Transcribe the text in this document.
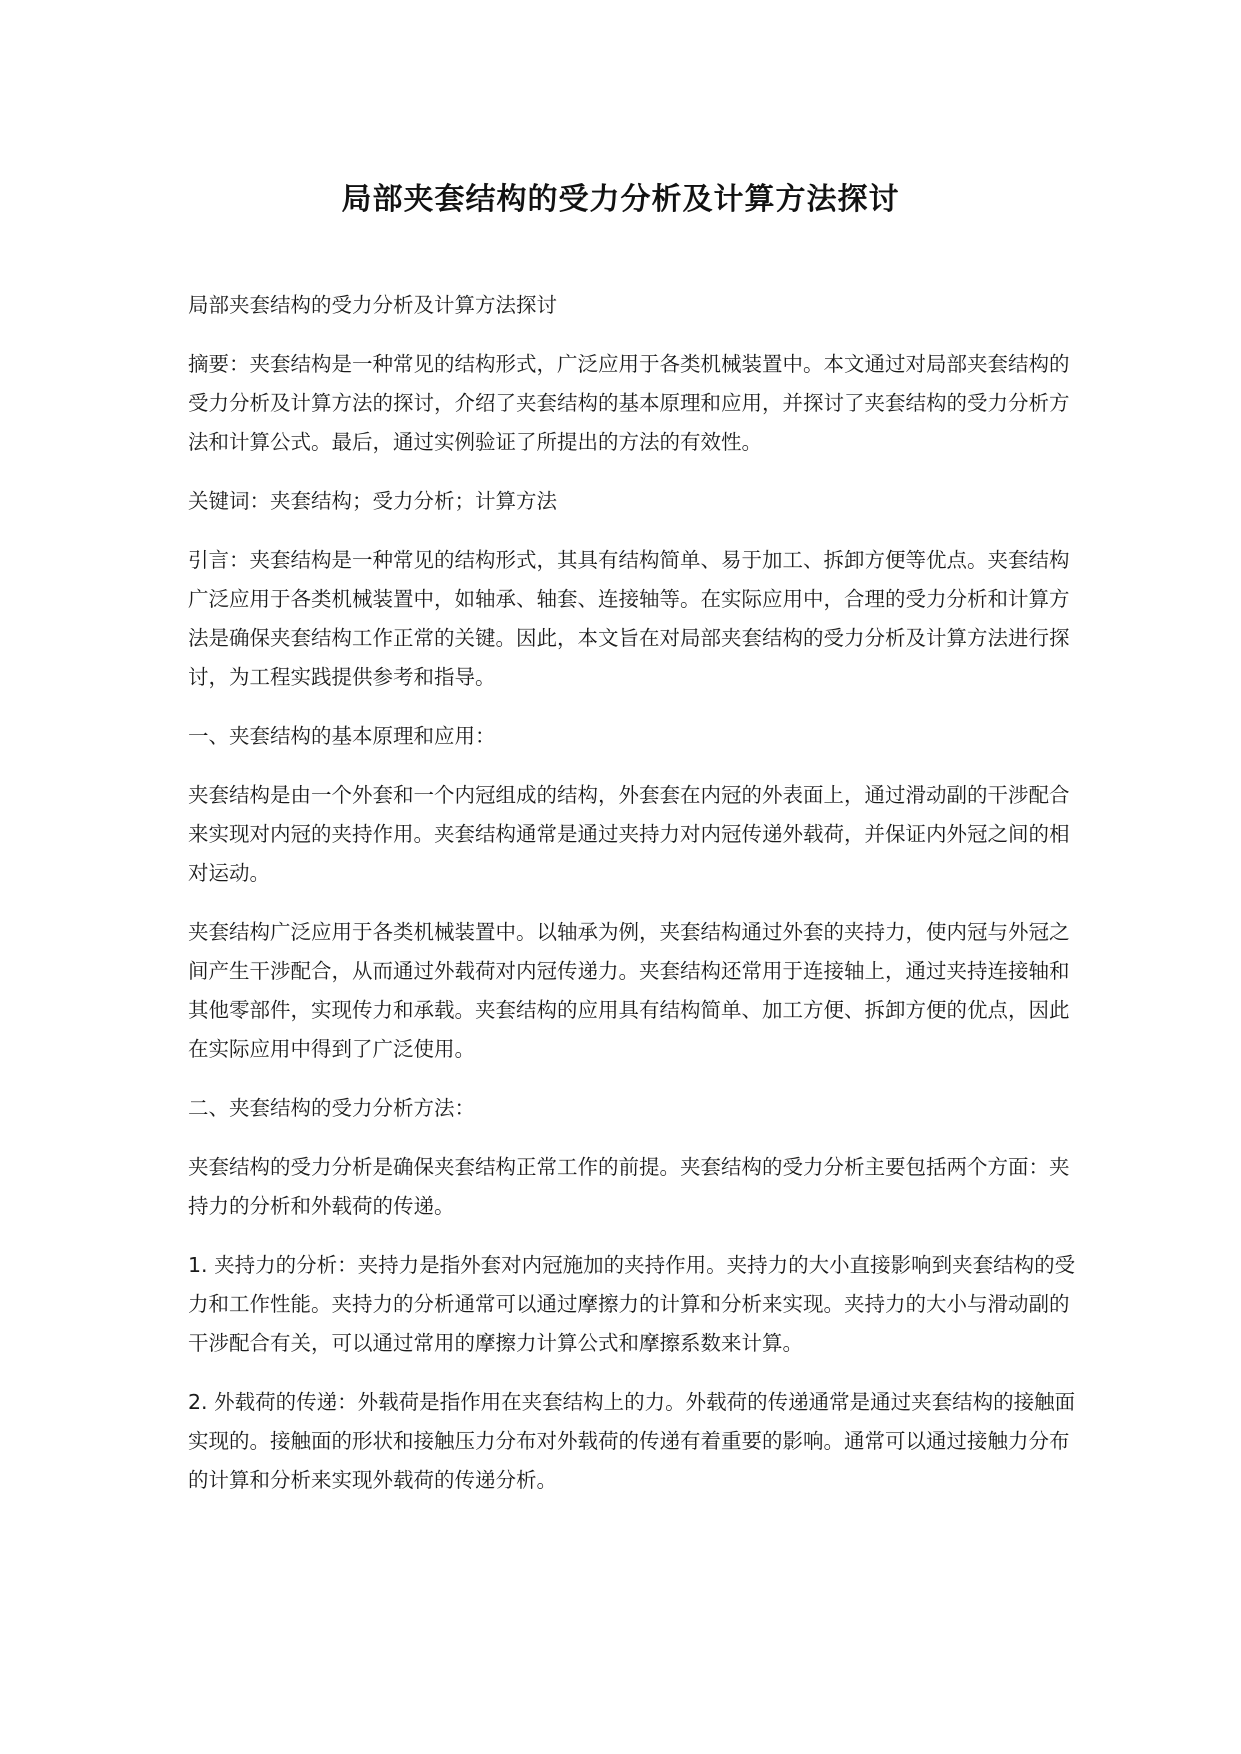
局部夹套结构的受力分析及计算方法探讨

局部夹套结构的受力分析及计算方法探讨

摘要：夹套结构是一种常见的结构形式，广泛应用于各类机械装置中。本文通过对局部夹套结构的受力分析及计算方法的探讨，介绍了夹套结构的基本原理和应用，并探讨了夹套结构的受力分析方法和计算公式。最后，通过实例验证了所提出的方法的有效性。

关键词：夹套结构；受力分析；计算方法

引言：夹套结构是一种常见的结构形式，其具有结构简单、易于加工、拆卸方便等优点。夹套结构广泛应用于各类机械装置中，如轴承、轴套、连接轴等。在实际应用中，合理的受力分析和计算方法是确保夹套结构工作正常的关键。因此，本文旨在对局部夹套结构的受力分析及计算方法进行探讨，为工程实践提供参考和指导。

一、夹套结构的基本原理和应用：

夹套结构是由一个外套和一个内冠组成的结构，外套套在内冠的外表面上，通过滑动副的干涉配合来实现对内冠的夹持作用。夹套结构通常是通过夹持力对内冠传递外载荷，并保证内外冠之间的相对运动。

夹套结构广泛应用于各类机械装置中。以轴承为例，夹套结构通过外套的夹持力，使内冠与外冠之间产生干涉配合，从而通过外载荷对内冠传递力。夹套结构还常用于连接轴上，通过夹持连接轴和其他零部件，实现传力和承载。夹套结构的应用具有结构简单、加工方便、拆卸方便的优点，因此在实际应用中得到了广泛使用。

二、夹套结构的受力分析方法：

夹套结构的受力分析是确保夹套结构正常工作的前提。夹套结构的受力分析主要包括两个方面：夹持力的分析和外载荷的传递。

1. 夹持力的分析：夹持力是指外套对内冠施加的夹持作用。夹持力的大小直接影响到夹套结构的受力和工作性能。夹持力的分析通常可以通过摩擦力的计算和分析来实现。夹持力的大小与滑动副的干涉配合有关，可以通过常用的摩擦力计算公式和摩擦系数来计算。

2. 外载荷的传递：外载荷是指作用在夹套结构上的力。外载荷的传递通常是通过夹套结构的接触面实现的。接触面的形状和接触压力分布对外载荷的传递有着重要的影响。通常可以通过接触力分布的计算和分析来实现外载荷的传递分析。
